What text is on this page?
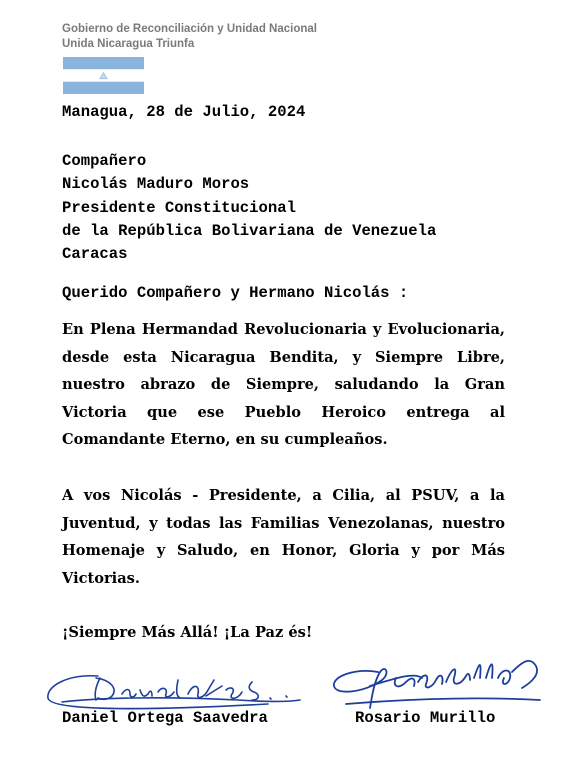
Gobierno de Reconciliación y Unidad Nacional
Unida Nicaragua Triunfa
Managua, 28 de Julio, 2024
Compañero
Nicolás Maduro Moros
Presidente Constitucional
de la República Bolivariana de Venezuela
Caracas
Querido Compañero y Hermano Nicolás :
En Plena Hermandad Revolucionaria y Evolucionaria, desde esta Nicaragua Bendita, y Siempre Libre, nuestro abrazo de Siempre, saludando la Gran Victoria que ese Pueblo Heroico entrega al Comandante Eterno, en su cumpleaños.
A vos Nicolás - Presidente, a Cilia, al PSUV, a la Juventud, y todas las Familias Venezolanas, nuestro Homenaje y Saludo, en Honor, Gloria y por Más Victorias.
¡Siempre Más Allá! ¡La Paz és!
Daniel Ortega Saavedra	Rosario Murillo
